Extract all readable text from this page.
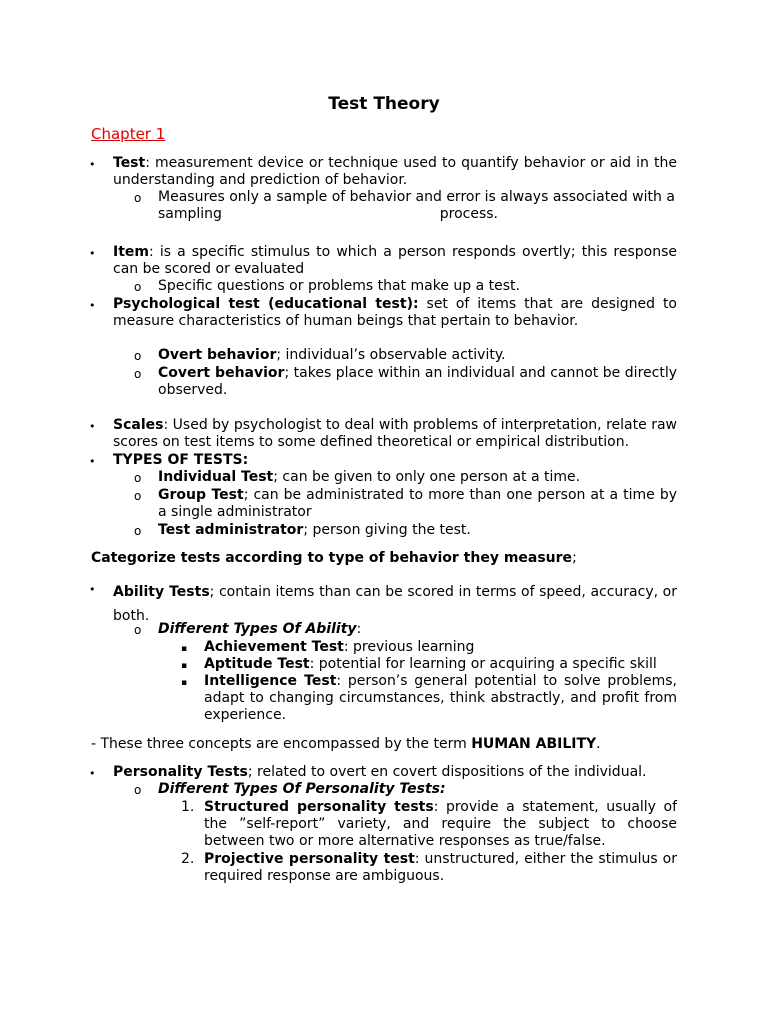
Test Theory
Chapter 1
• Test: measurement device or technique used to quantify behavior or aid in the understanding and prediction of behavior.
o Measures only a sample of behavior and error is always associated with a
sampling	process.
• Item: is a specific stimulus to which a person responds overtly; this response can be scored or evaluated
o Specific questions or problems that make up a test.
• Psychological test (educational test): set of items that are designed to measure characteristics of human beings that pertain to behavior.
o Overt behavior; individual’s observable activity.
o Covert behavior; takes place within an individual and cannot be directly observed.
• Scales: Used by psychologist to deal with problems of interpretation, relate raw scores on test items to some defined theoretical or empirical distribution.
• TYPES OF TESTS:
o Individual Test; can be given to only one person at a time.
o Group Test; can be administrated to more than one person at a time by a single administrator
o Test administrator; person giving the test.
Categorize tests according to type of behavior they measure;
• Ability Tests; contain items than can be scored in terms of speed, accuracy, or both.
o Different Types Of Ability:
▪ Achievement Test: previous learning
▪ Aptitude Test: potential for learning or acquiring a specific skill
▪ Intelligence Test: person’s general potential to solve problems, adapt to changing circumstances, think abstractly, and profit from experience.
- These three concepts are encompassed by the term HUMAN ABILITY.
• Personality Tests; related to overt en covert dispositions of the individual.
o Different Types Of Personality Tests:
1. Structured personality tests: provide a statement, usually of the ”self-report” variety, and require the subject to choose between two or more alternative responses as true/false.
2. Projective personality test: unstructured, either the stimulus or required response are ambiguous.
